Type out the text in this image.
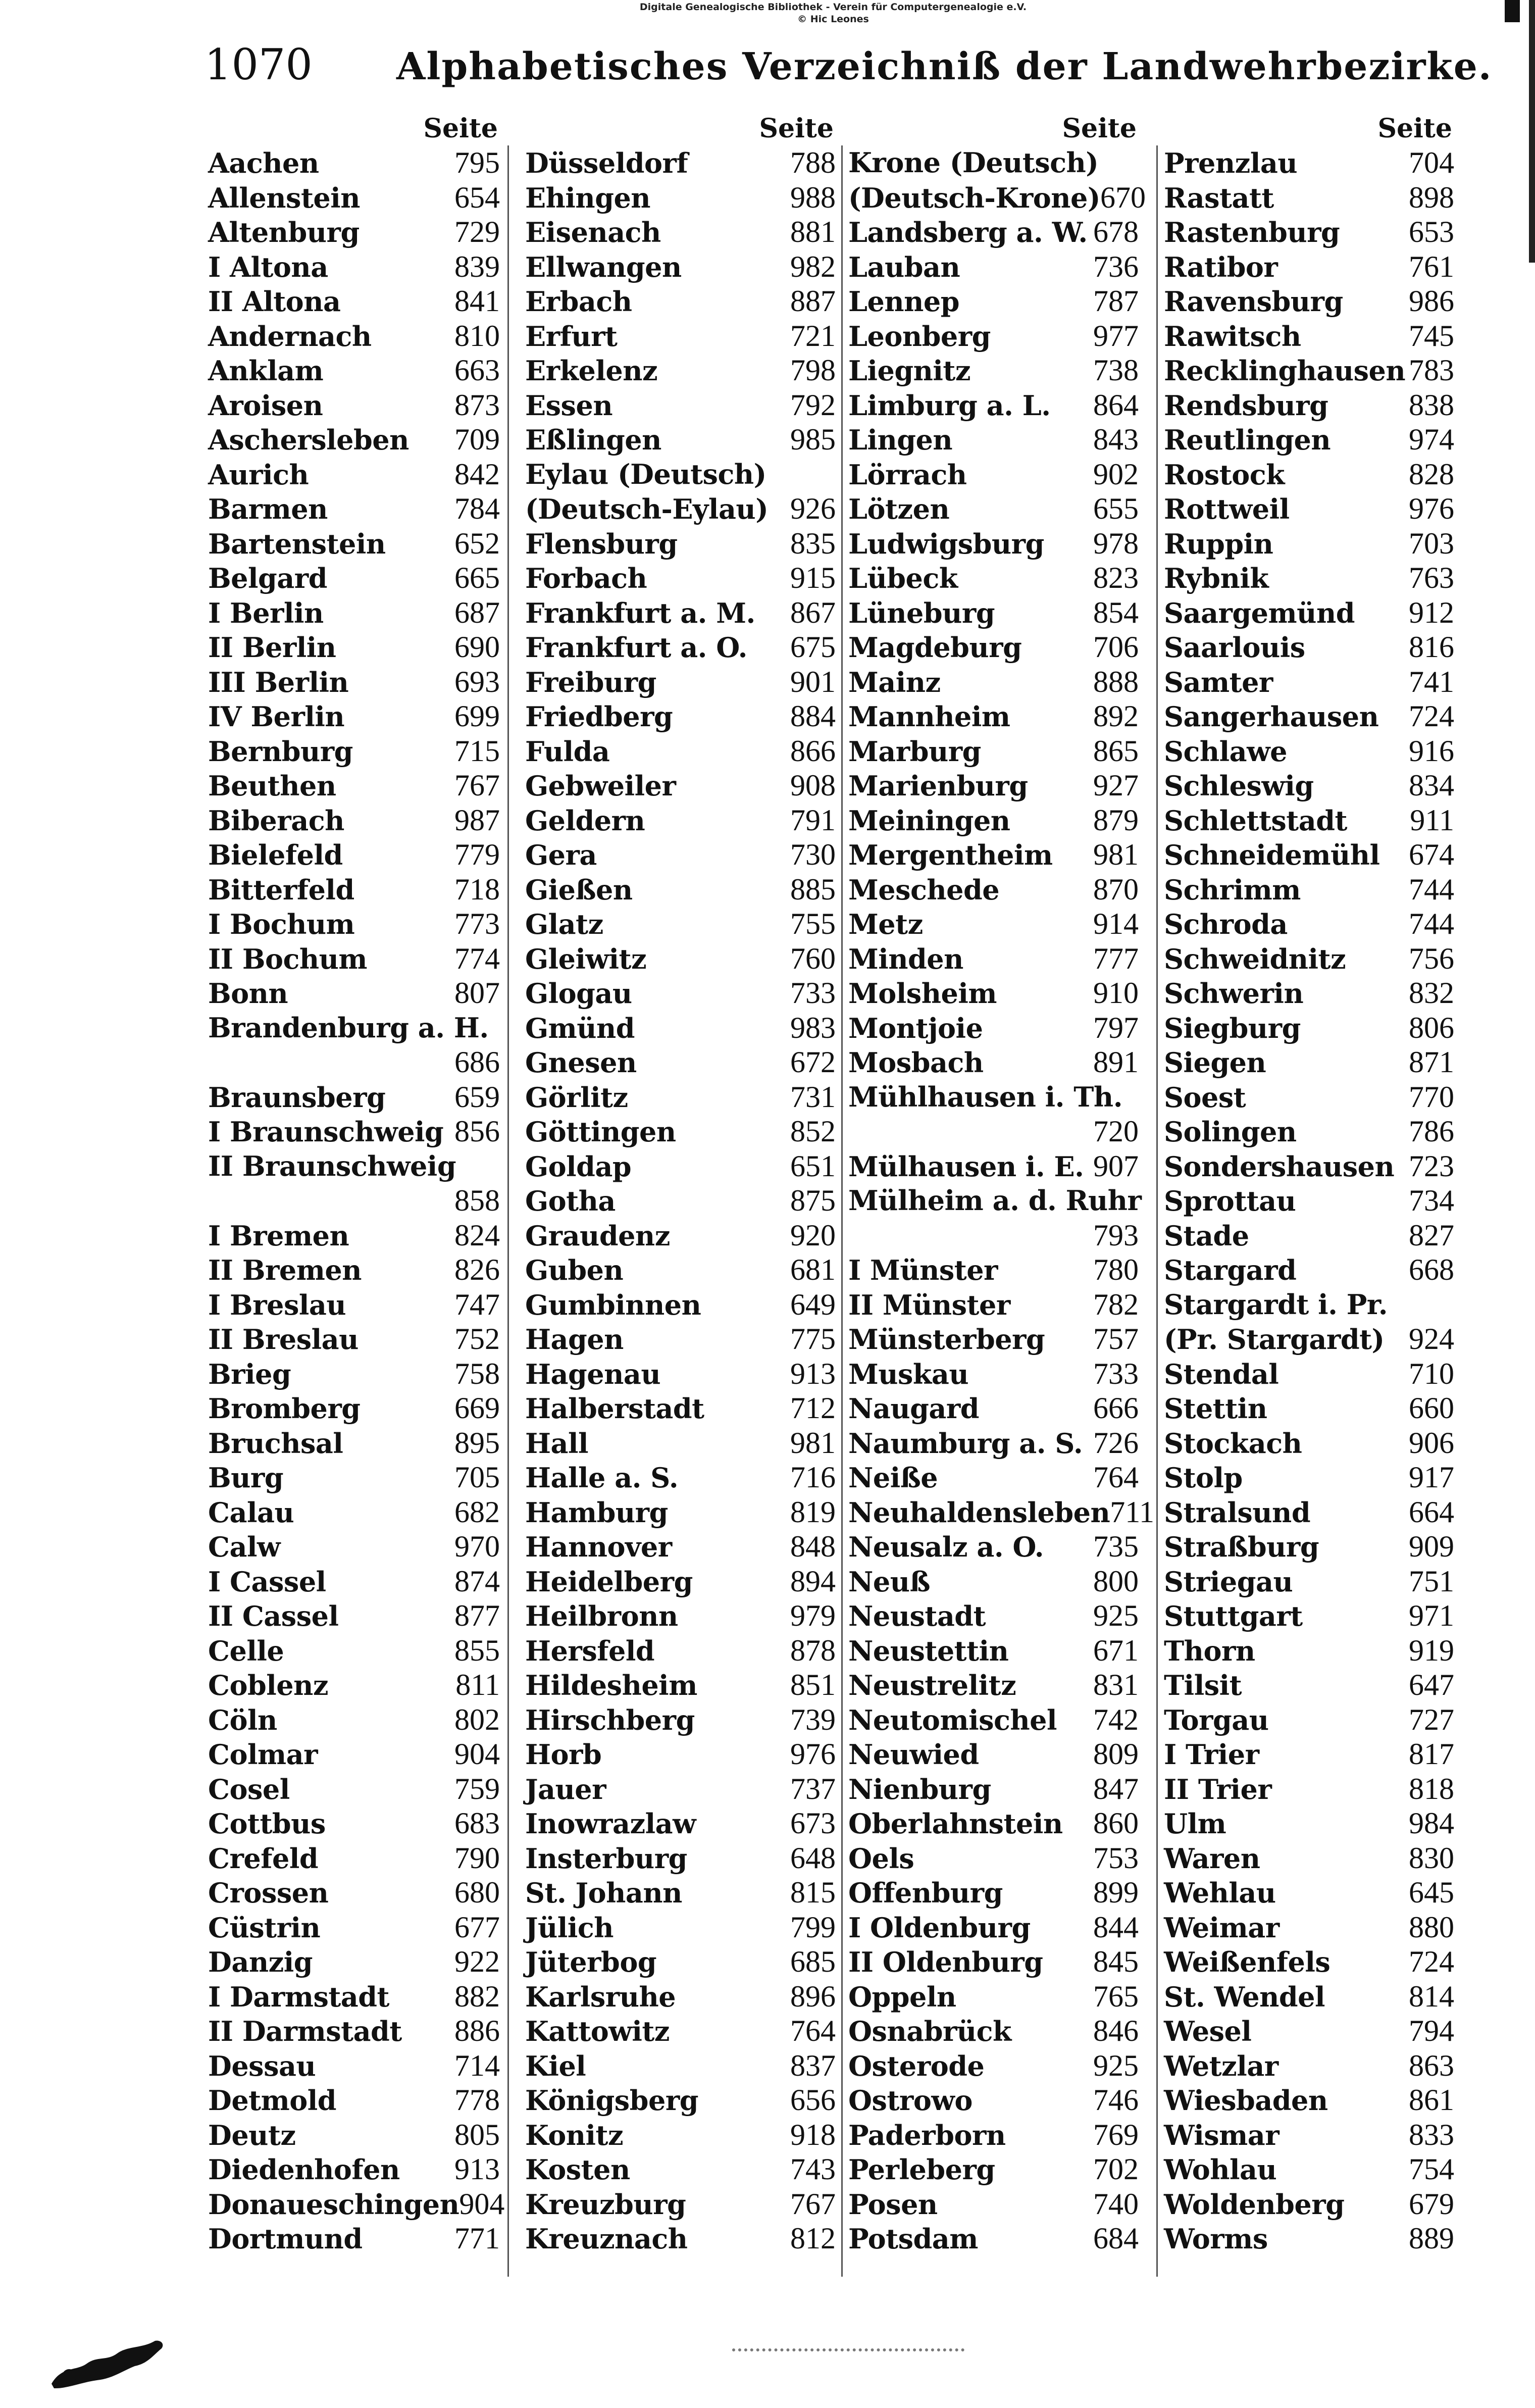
Digitale Genealogische Bibliothek - Verein für Computergenealogie e.V.
© Hic Leones
1070 Alphabetisches Verzeichniß der Landwehrbezirke.
Seite
Aachen	795
Allenstein	654
Altenburg	729
I Altona	839
II Altona	841
Andernach	810
Anklam	663
Aroisen	873
Aschersleben 709
Aurich	842
Barmen	784
Bartenstein 652
Belgard	665
I Berlin	687
II Berlin	690
III Berlin	693
IV Berlin	699
Bernburg	715
Beuthen	767
Biberach	987
Bielefeld	779
Bitterfeld	718
I Bochum	773
II Bochum	774
Bonn	807
Brandenburg a. H.
686
Braunsberg 659
I Braunschweig 856
II Braunschweig
858
I Bremen	824
II Bremen	826
I Breslau	747
II Breslau	752
Brieg	758
Bromberg	669
Bruchsal	895
Burg	705
Calau	682
Calw	970
I Cassel	874
II Cassel	877
Celle	855
Coblenz	811
Cöln	802
Colmar	904
Cosel	759
Cottbus	683
Crefeld	790
Crossen	680
Cüstrin	677
Danzig	922
I Darmstadt 882
II Darmstadt 886
Dessau	714
Detmold	778
Deutz	805
Diedenhofen 913
Donaueschingen 904
Dortmund	771
Seite
Düsseldorf	788
Ehingen	988
Eisenach	881
Ellwangen	982
Erbach	887
Erfurt	721
Erkelenz	798
Essen	792
Eßlingen	985
Eylau (Deutsch)
(Deutsch-Eylau) 926
Flensburg	835
Forbach	915
Frankfurt a. M. 867
Frankfurt a. O. 675
Freiburg	901
Friedberg	884
Fulda	866
Gebweiler	908
Geldern	791
Gera	730
Gießen	885
Glatz	755
Gleiwitz	760
Glogau	733
Gmünd	983
Gnesen	672
Görlitz	731
Göttingen	852
Goldap	651
Gotha	875
Graudenz	920
Guben	681
Gumbinnen	649
Hagen	775
Hagenau	913
Halberstadt	712
Hall	981
Halle a. S.	716
Hamburg	819
Hannover	848
Heidelberg	894
Heilbronn	979
Hersfeld	878
Hildesheim	851
Hirschberg	739
Horb	976
Jauer	737
Inowrazlaw	673
Insterburg	648
St. Johann	815
Jülich	799
Jüterbog	685
Karlsruhe	896
Kattowitz	764
Kiel	837
Königsberg	656
Konitz	918
Kosten	743
Kreuzburg	767
Kreuznach	812
Seite
Krone (Deutsch)
(Deutsch-Krone) 670
Landsberg a. W. 678
Lauban	736
Lennep	787
Leonberg	977
Liegnitz	738
Limburg a. L. 864
Lingen	843
Lörrach	902
Lötzen	655
Ludwigsburg 978
Lübeck	823
Lüneburg	854
Magdeburg 706
Mainz	888
Mannheim	892
Marburg	865
Marienburg 927
Meiningen	879
Mergentheim 981
Meschede	870
Metz	914
Minden	777
Molsheim	910
Montjoie	797
Mosbach	891
Mühlhausen i. Th.
720
Mülhausen i. E. 907
Mülheim a. d. Ruhr
793
I Münster	780
II Münster	782
Münsterberg 757
Muskau	733
Naugard	666
Naumburg a. S. 726
Neiße	764
Neuhaldensleben 711
Neusalz a. O. 735
Neuß	800
Neustadt	925
Neustettin	671
Neustrelitz	831
Neutomischel 742
Neuwied	809
Nienburg	847
Oberlahnstein 860
Oels	753
Offenburg	899
I Oldenburg 844
II Oldenburg 845
Oppeln	765
Osnabrück	846
Osterode	925
Ostrowo	746
Paderborn	769
Perleberg	702
Posen	740
Potsdam	684
Seite
Prenzlau	704
Rastatt	898
Rastenburg 653
Ratibor	761
Ravensburg 986
Rawitsch	745
Recklinghausen 783
Rendsburg	838
Reutlingen	974
Rostock	828
Rottweil	976
Ruppin	703
Rybnik	763
Saargemünd 912
Saarlouis	816
Samter	741
Sangerhausen 724
Schlawe	916
Schleswig	834
Schlettstadt 911
Schneidemühl 674
Schrimm	744
Schroda	744
Schweidnitz 756
Schwerin	832
Siegburg	806
Siegen	871
Soest	770
Solingen	786
Sondershausen 723
Sprottau	734
Stade	827
Stargard	668
Stargardt i. Pr.
(Pr. Stargardt) 924
Stendal	710
Stettin	660
Stockach	906
Stolp	917
Stralsund	664
Straßburg	909
Striegau	751
Stuttgart	971
Thorn	919
Tilsit	647
Torgau	727
I Trier	817
II Trier	818
Ulm	984
Waren	830
Wehlau	645
Weimar	880
Weißenfels	724
St. Wendel	814
Wesel	794
Wetzlar	863
Wiesbaden	861
Wismar	833
Wohlau	754
Woldenberg 679
Worms	889
